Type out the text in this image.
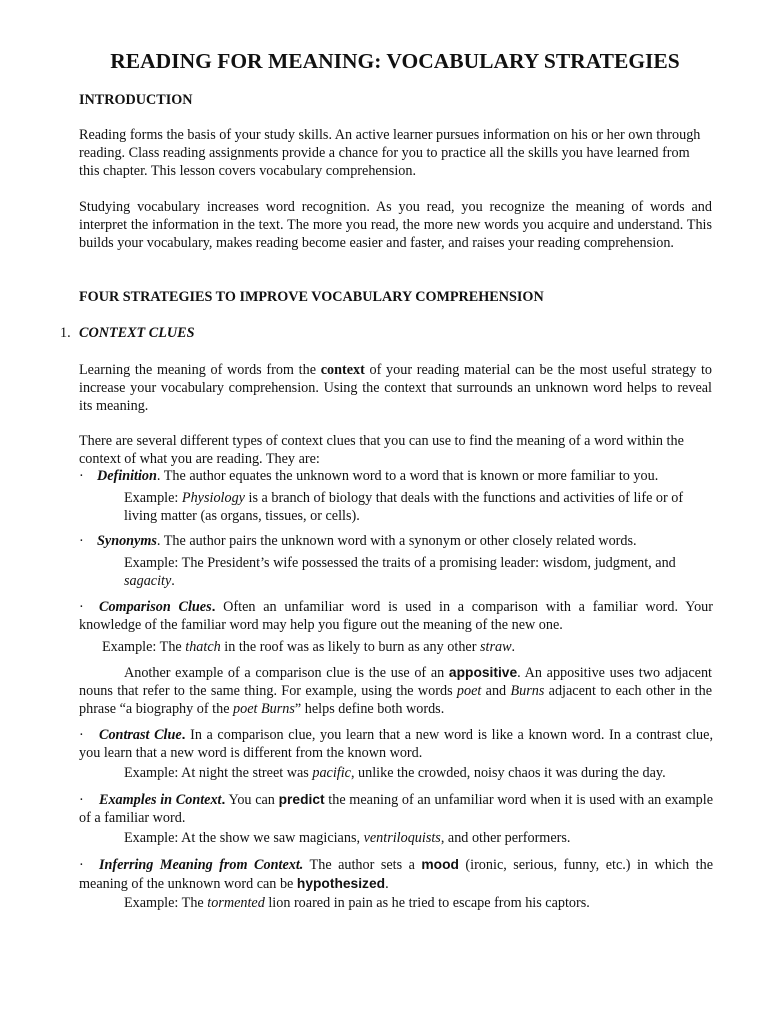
READING FOR MEANING: VOCABULARY STRATEGIES
INTRODUCTION

Reading forms the basis of your study skills. An active learner pursues information on his or her own through reading. Class reading assignments provide a chance for you to practice all the skills you have learned from this chapter. This lesson covers vocabulary comprehension.

Studying vocabulary increases word recognition. As you read, you recognize the meaning of words and interpret the information in the text. The more you read, the more new words you acquire and understand. This builds your vocabulary, makes reading become easier and faster, and raises your reading comprehension.

FOUR STRATEGIES TO IMPROVE VOCABULARY COMPREHENSION
1. CONTEXT CLUES

Learning the meaning of words from the context of your reading material can be the most useful strategy to increase your vocabulary comprehension. Using the context that surrounds an unknown word helps to reveal its meaning.

There are several different types of context clues that you can use to find the meaning of a word within the context of what you are reading. They are:

· Definition. The author equates the unknown word to a word that is known or more familiar to you.

Example: Physiology is a branch of biology that deals with the functions and activities of life or of living matter (as organs, tissues, or cells).

· Synonyms. The author pairs the unknown word with a synonym or other closely related words.

Example: The President’s wife possessed the traits of a promising leader: wisdom, judgment, and sagacity.

· Comparison Clues. Often an unfamiliar word is used in a comparison with a familiar word. Your knowledge of the familiar word may help you figure out the meaning of the new one.

Example: The thatch in the roof was as likely to burn as any other straw.

Another example of a comparison clue is the use of an appositive. An appositive uses two adjacent nouns that refer to the same thing. For example, using the words poet and Burns adjacent to each other in the phrase “a biography of the poet Burns” helps define both words.

· Contrast Clue. In a comparison clue, you learn that a new word is like a known word. In a contrast clue, you learn that a new word is different from the known word.

Example: At night the street was pacific, unlike the crowded, noisy chaos it was during the day.

· Examples in Context. You can predict the meaning of an unfamiliar word when it is used with an example of a familiar word.

Example: At the show we saw magicians, ventriloquists, and other performers.

· Inferring Meaning from Context. The author sets a mood (ironic, serious, funny, etc.) in which the meaning of the unknown word can be hypothesized.

Example: The tormented lion roared in pain as he tried to escape from his captors.
